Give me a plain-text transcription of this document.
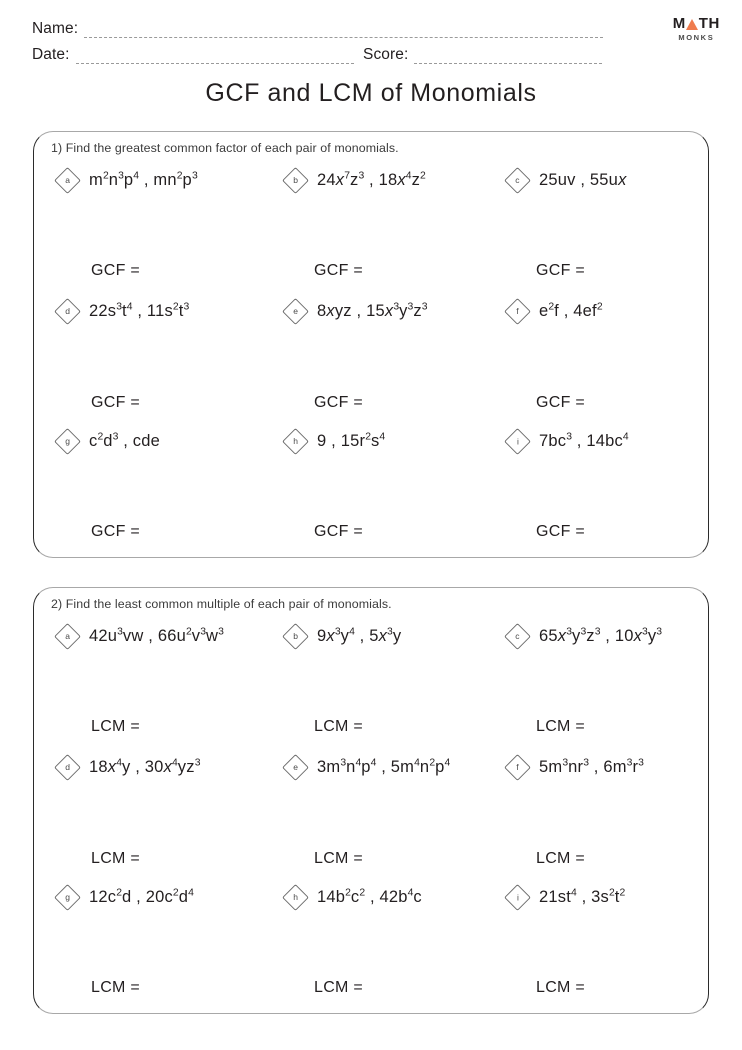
Name:
Date:	Score:
M TH
MONKS
GCF and LCM of Monomials
1) Find the greatest common factor of each pair of monomials.
a $m^2n^3p^4$ , $mn^2p^3$	b $24x^7z^3$ , $18x^4z^2$	c 25uv , 55ux
d $22s^3t^4$ , $11s^2t^3$	e 8xyz , $15x^3y^3z^3$	f $e^2f$ , $4ef^2$
g $c^2d^3$ , cde	h 9 , $15r^2s^4$	i $7bc^3$ , $14bc^4$
GCF =	GCF =	GCF =
GCF =	GCF =	GCF =
GCF =	GCF =	GCF =
2) Find the least common multiple of each pair of monomials.
a $42u^3vw$ , $66u^2v^3w^3$	b $9x^3y^4$ , $5x^3y$	c $65x^3y^3z^3$ , $10x^3y^3$
d $18x^4y$ , $30x^4yz^3$	e $3m^3n^4p^4$ , $5m^4n^2p^4$	f $5m^3nr^3$ , $6m^3r^3$
g $12c^2d$ , $20c^2d^4$	h $14b^2c^2$ , $42b^4c$	i $21st^4$ , $3s^2t^2$
LCM =	LCM =	LCM =
LCM =	LCM =	LCM =
LCM =	LCM =	LCM =
